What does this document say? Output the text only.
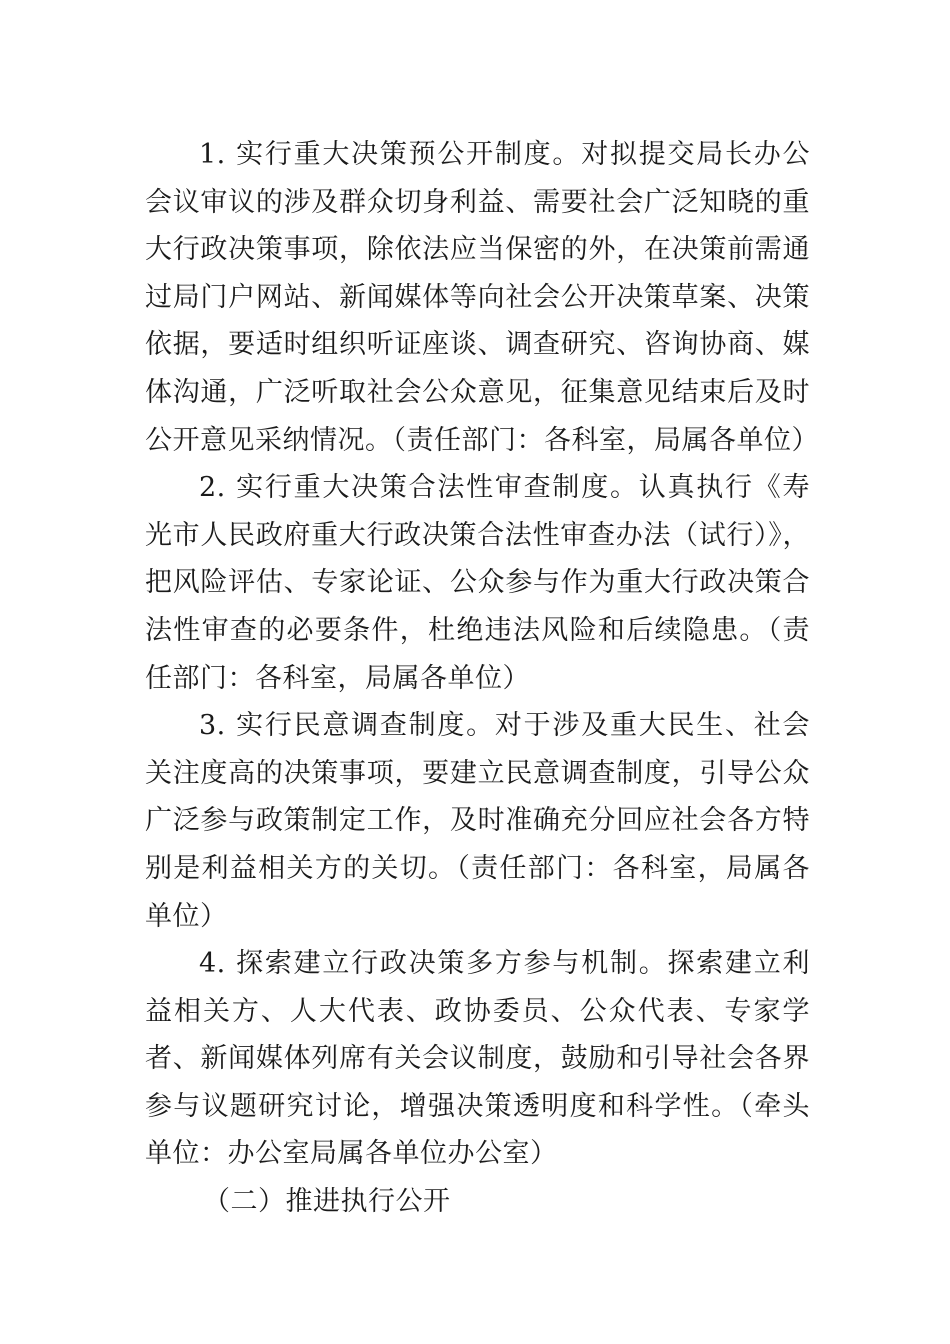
1. 实行重大决策预公开制度。对拟提交局长办公会议审议的涉及群众切身利益、需要社会广泛知晓的重大行政决策事项，除依法应当保密的外，在决策前需通过局门户网站、新闻媒体等向社会公开决策草案、决策依据，要适时组织听证座谈、调查研究、咨询协商、媒体沟通，广泛听取社会公众意见，征集意见结束后及时公开意见采纳情况。（责任部门：各科室，局属各单位）

2. 实行重大决策合法性审查制度。认真执行《寿光市人民政府重大行政决策合法性审查办法（试行）》，把风险评估、专家论证、公众参与作为重大行政决策合法性审查的必要条件，杜绝违法风险和后续隐患。（责任部门：各科室，局属各单位）

3. 实行民意调查制度。对于涉及重大民生、社会关注度高的决策事项，要建立民意调查制度，引导公众广泛参与政策制定工作，及时准确充分回应社会各方特别是利益相关方的关切。（责任部门：各科室，局属各单位）

4. 探索建立行政决策多方参与机制。探索建立利益相关方、人大代表、政协委员、公众代表、专家学者、新闻媒体列席有关会议制度，鼓励和引导社会各界参与议题研究讨论，增强决策透明度和科学性。（牵头单位：办公室局属各单位办公室）

（二）推进执行公开
